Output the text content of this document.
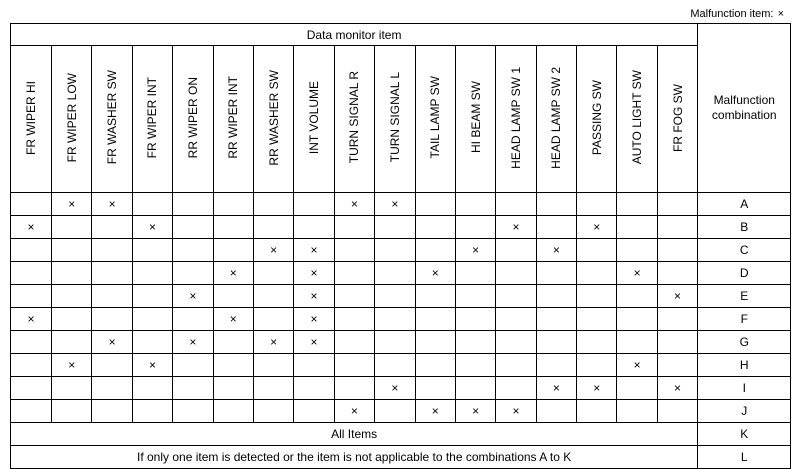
Malfunction item: ×
Data monitor item																	Malfunction
combination
FR WIPER HI	FR WIPER LOW	FR WASHER SW	FR WIPER INT	RR WIPER ON	RR WIPER INT	RR WASHER SW	INT VOLUME	TURN SIGNAL R	TURN SIGNAL L	TAIL LAMP SW	HI BEAM SW	HEAD LAMP SW 1	HEAD LAMP SW 2	PASSING SW	AUTO LIGHT SW	FR FOG SW	
	×	×						×	×								A
×			×									×		×			B
						×	×				×		×				C
					×		×			×					×		D
				×			×									×	E
×					×		×										F
		×		×		×	×										G
	×		×												×		H
									×				×	×		×	I
								×		×	×	×					J
All Items																	K
If only one item is detected or the item is not applicable to the combinations A to K																	L
